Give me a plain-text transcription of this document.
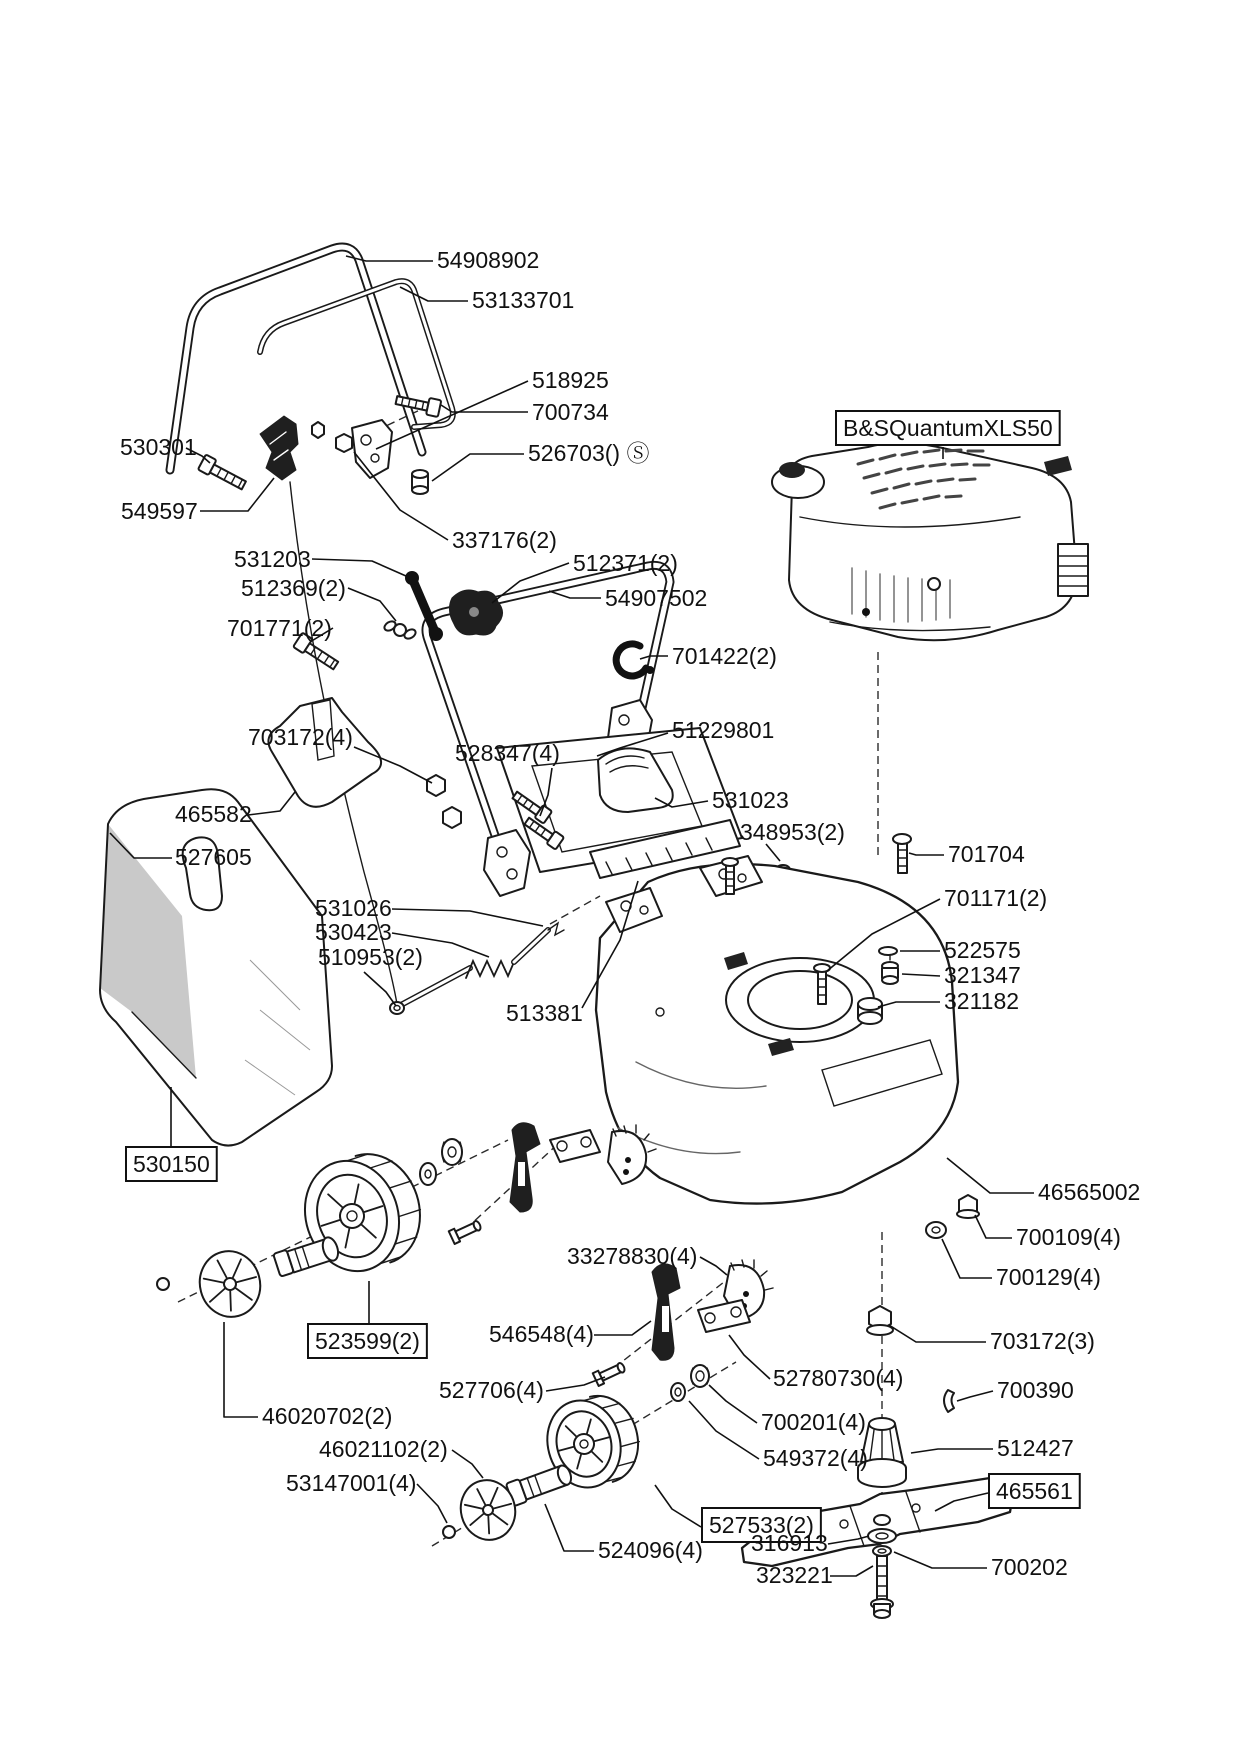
54908902
53133701
518925
700734
530301	526703() Ⓢ
549597
337176(2)
531203
512369(2)
512371(2)
54907502
701771(2)
701422(2)
B&SQuantumXLS50
703172(4)
528347(4)
51229801
531023
348953(2)
465582
527605	701704
701171(2)
522575
321347
321182
531026
530423
510953(2)
513381
530150
46565002
700109(4)
700129(4)
523599(2)
33278830(4)
546548(4)	703172(3)
52780730(4)	700390
527706(4)
700201(4)
549372(4)	512427
46020702(2)
46021102(2)
53147001(4)	465561
527533(2)
524096(4) 316913
323221	700202
